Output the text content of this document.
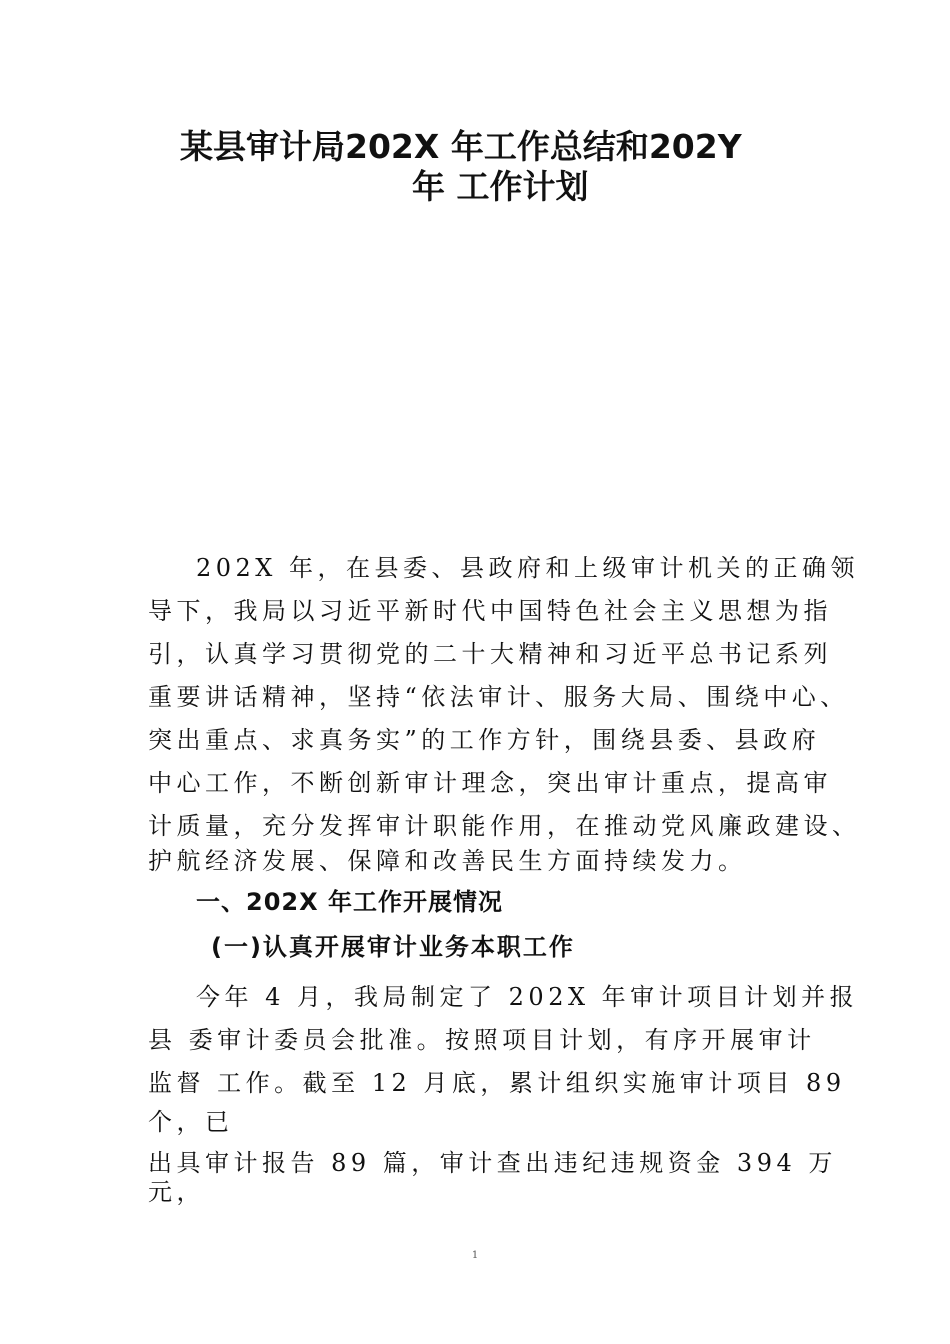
某县审计局202X 年工作总结和202Y
年 工作计划
202X 年，在县委、县政府和上级审计机关的正确领
导下，我局以习近平新时代中国特色社会主义思想为指
引，认真学习贯彻党的二十大精神和习近平总书记系列
重要讲话精神，坚持“依法审计、服务大局、围绕中心、
突出重点、求真务实”的工作方针，围绕县委、县政府
中心工作，不断创新审计理念，突出审计重点，提高审
计质量，充分发挥审计职能作用，在推动党风廉政建设、
护航经济发展、保障和改善民生方面持续发力。
一、202X 年工作开展情况
(一)认真开展审计业务本职工作
今年 4 月，我局制定了 202X 年审计项目计划并报
县 委审计委员会批准。按照项目计划，有序开展审计
监督 工作。截至 12 月底，累计组织实施审计项目 89
个，已
出具审计报告 89 篇，审计查出违纪违规资金 394 万
元，
1
